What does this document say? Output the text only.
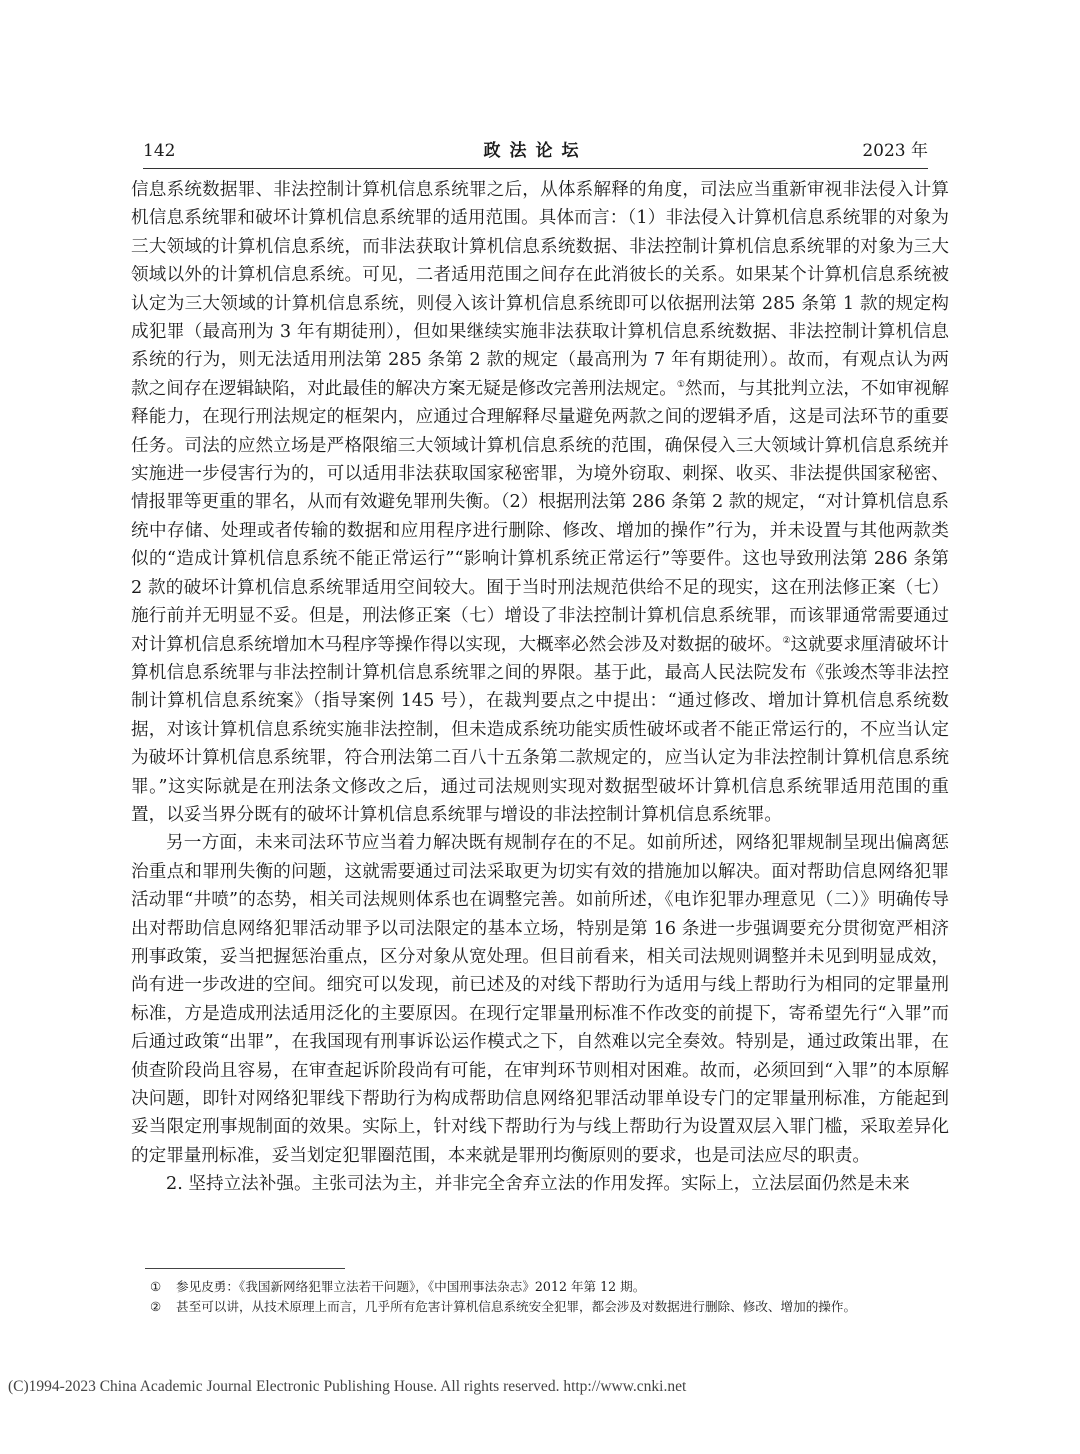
142	政法论坛	2023 年

信息系统数据罪、非法控制计算机信息系统罪之后，从体系解释的角度，司法应当重新审视非法侵入计算机信息系统罪和破坏计算机信息系统罪的适用范围。具体而言：（1）非法侵入计算机信息系统罪的对象为三大领域的计算机信息系统，而非法获取计算机信息系统数据、非法控制计算机信息系统罪的对象为三大领域以外的计算机信息系统。可见，二者适用范围之间存在此消彼长的关系。如果某个计算机信息系统被认定为三大领域的计算机信息系统，则侵入该计算机信息系统即可以依据刑法第 285 条第 1 款的规定构成犯罪（最高刑为 3 年有期徒刑），但如果继续实施非法获取计算机信息系统数据、非法控制计算机信息系统的行为，则无法适用刑法第 285 条第 2 款的规定（最高刑为 7 年有期徒刑）。故而，有观点认为两款之间存在逻辑缺陷，对此最佳的解决方案无疑是修改完善刑法规定。①然而，与其批判立法，不如审视解释能力，在现行刑法规定的框架内，应通过合理解释尽量避免两款之间的逻辑矛盾，这是司法环节的重要任务。司法的应然立场是严格限缩三大领域计算机信息系统的范围，确保侵入三大领域计算机信息系统并实施进一步侵害行为的，可以适用非法获取国家秘密罪，为境外窃取、刺探、收买、非法提供国家秘密、情报罪等更重的罪名，从而有效避免罪刑失衡。（2）根据刑法第 286 条第 2 款的规定，“对计算机信息系统中存储、处理或者传输的数据和应用程序进行删除、修改、增加的操作”行为，并未设置与其他两款类似的“造成计算机信息系统不能正常运行”“影响计算机系统正常运行”等要件。这也导致刑法第 286 条第 2 款的破坏计算机信息系统罪适用空间较大。囿于当时刑法规范供给不足的现实，这在刑法修正案（七）施行前并无明显不妥。但是，刑法修正案（七）增设了非法控制计算机信息系统罪，而该罪通常需要通过对计算机信息系统增加木马程序等操作得以实现，大概率必然会涉及对数据的破坏。②这就要求厘清破坏计算机信息系统罪与非法控制计算机信息系统罪之间的界限。基于此，最高人民法院发布《张竣杰等非法控制计算机信息系统案》（指导案例 145 号），在裁判要点之中提出：“通过修改、增加计算机信息系统数据，对该计算机信息系统实施非法控制，但未造成系统功能实质性破坏或者不能正常运行的，不应当认定为破坏计算机信息系统罪，符合刑法第二百八十五条第二款规定的，应当认定为非法控制计算机信息系统罪。”这实际就是在刑法条文修改之后，通过司法规则实现对数据型破坏计算机信息系统罪适用范围的重置，以妥当界分既有的破坏计算机信息系统罪与增设的非法控制计算机信息系统罪。

另一方面，未来司法环节应当着力解决既有规制存在的不足。如前所述，网络犯罪规制呈现出偏离惩治重点和罪刑失衡的问题，这就需要通过司法采取更为切实有效的措施加以解决。面对帮助信息网络犯罪活动罪“井喷”的态势，相关司法规则体系也在调整完善。如前所述，《电诈犯罪办理意见（二）》明确传导出对帮助信息网络犯罪活动罪予以司法限定的基本立场，特别是第 16 条进一步强调要充分贯彻宽严相济刑事政策，妥当把握惩治重点，区分对象从宽处理。但目前看来，相关司法规则调整并未见到明显成效，尚有进一步改进的空间。细究可以发现，前已述及的对线下帮助行为适用与线上帮助行为相同的定罪量刑标准，方是造成刑法适用泛化的主要原因。在现行定罪量刑标准不作改变的前提下，寄希望先行“入罪”而后通过政策“出罪”，在我国现有刑事诉讼运作模式之下，自然难以完全奏效。特别是，通过政策出罪，在侦查阶段尚且容易，在审查起诉阶段尚有可能，在审判环节则相对困难。故而，必须回到“入罪”的本原解决问题，即针对网络犯罪线下帮助行为构成帮助信息网络犯罪活动罪单设专门的定罪量刑标准，方能起到妥当限定刑事规制面的效果。实际上，针对线下帮助行为与线上帮助行为设置双层入罪门槛，采取差异化的定罪量刑标准，妥当划定犯罪圈范围，本来就是罪刑均衡原则的要求，也是司法应尽的职责。

2. 坚持立法补强。主张司法为主，并非完全舍弃立法的作用发挥。实际上，立法层面仍然是未来

① 参见皮勇：《我国新网络犯罪立法若干问题》，《中国刑事法杂志》2012 年第 12 期。
② 甚至可以讲，从技术原理上而言，几乎所有危害计算机信息系统安全犯罪，都会涉及对数据进行删除、修改、增加的操作。
(C)1994-2023 China Academic Journal Electronic Publishing House. All rights reserved. http://www.cnki.net
